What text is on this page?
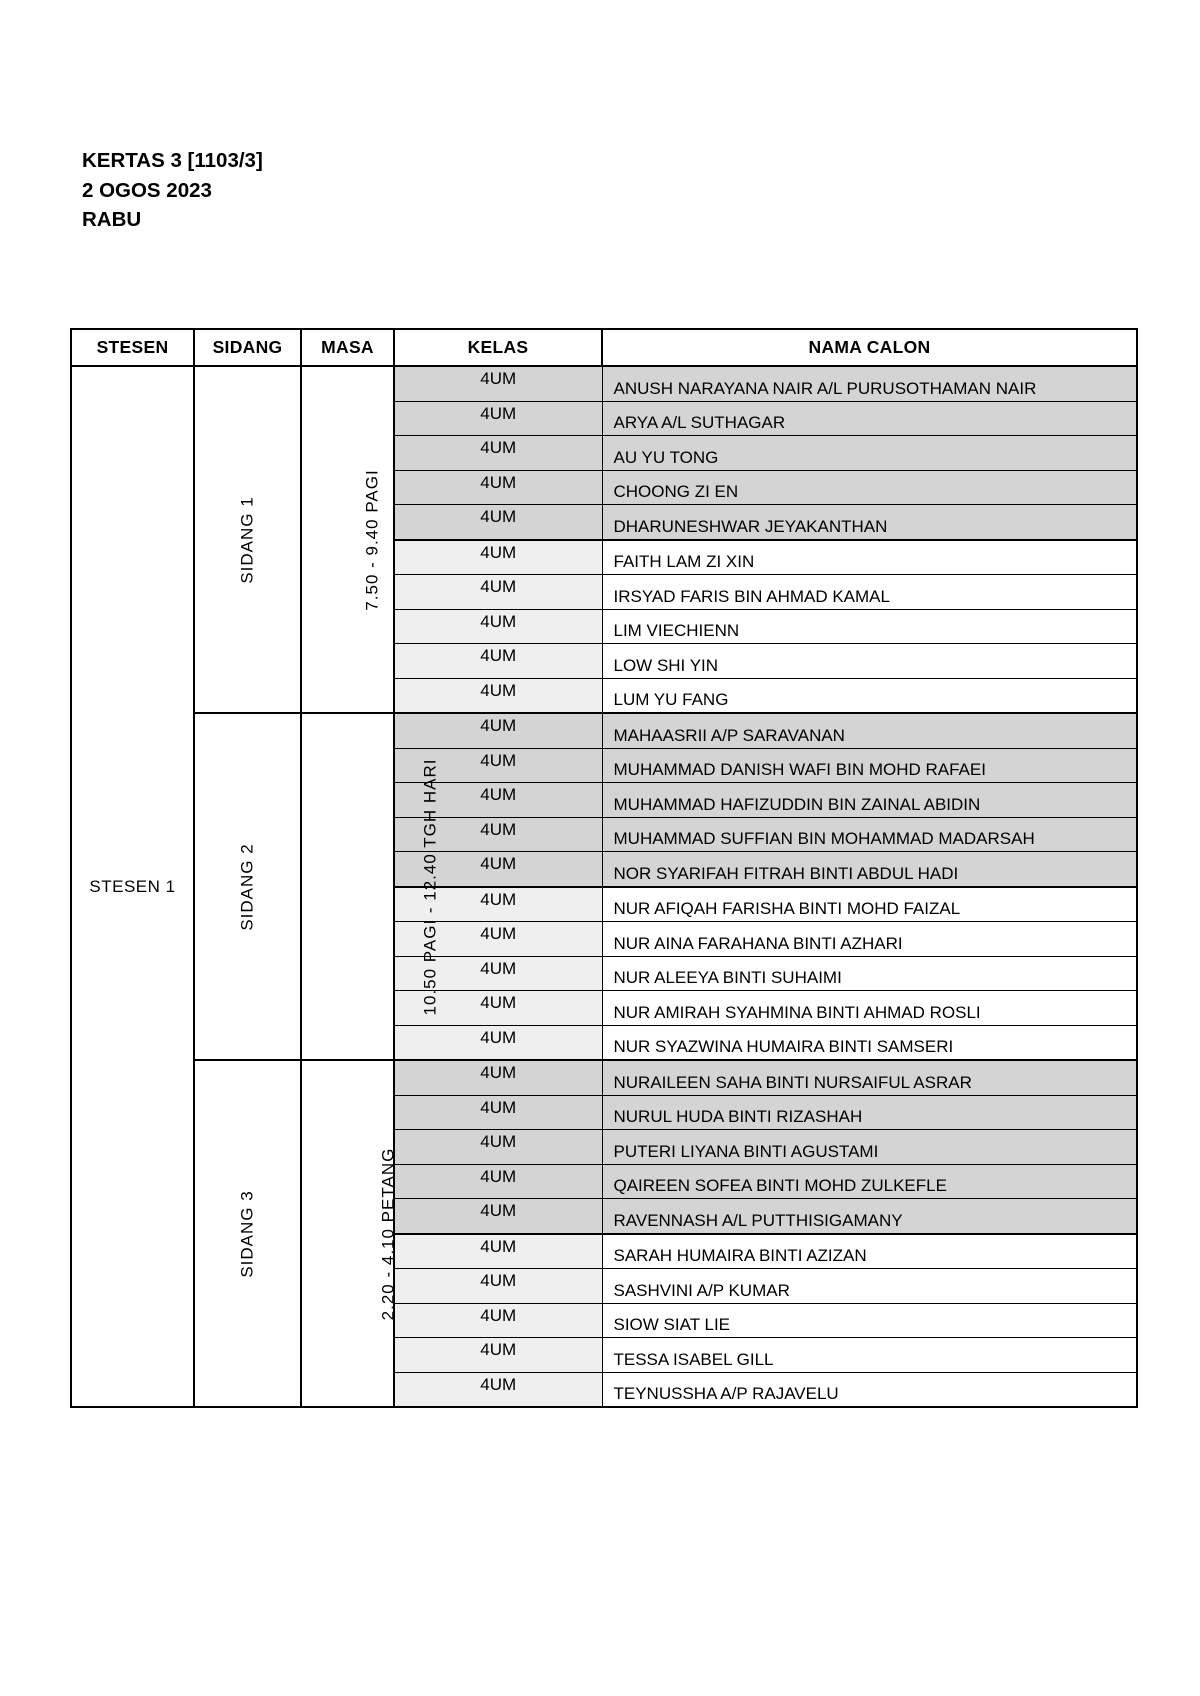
KERTAS 3 [1103/3]
2 OGOS 2023
RABU
STESEN	SIDANG	MASA	KELAS	NAMA CALON
STESEN 1	SIDANG 1	7.50 - 9.40 PAGI	4UM	ANUSH NARAYANA NAIR A/L PURUSOTHAMAN NAIR
			4UM	ARYA A/L SUTHAGAR
			4UM	AU YU TONG
			4UM	CHOONG ZI EN
			4UM	DHARUNESHWAR JEYAKANTHAN
			4UM	FAITH LAM ZI XIN
			4UM	IRSYAD FARIS BIN AHMAD KAMAL
			4UM	LIM VIECHIENN
			4UM	LOW SHI YIN
			4UM	LUM YU FANG
	SIDANG 2	10.50 PAGI - 12.40 TGH HARI	4UM	MAHAASRII A/P SARAVANAN
			4UM	MUHAMMAD DANISH WAFI BIN MOHD RAFAEI
			4UM	MUHAMMAD HAFIZUDDIN BIN ZAINAL ABIDIN
			4UM	MUHAMMAD SUFFIAN BIN MOHAMMAD MADARSAH
			4UM	NOR SYARIFAH FITRAH BINTI ABDUL HADI
			4UM	NUR AFIQAH FARISHA BINTI MOHD FAIZAL
			4UM	NUR AINA FARAHANA BINTI AZHARI
			4UM	NUR ALEEYA BINTI SUHAIMI
			4UM	NUR AMIRAH SYAHMINA BINTI AHMAD ROSLI
			4UM	NUR SYAZWINA HUMAIRA BINTI SAMSERI
	SIDANG 3	2.20 - 4.10 PETANG	4UM	NURAILEEN SAHA BINTI NURSAIFUL ASRAR
			4UM	NURUL HUDA BINTI RIZASHAH
			4UM	PUTERI LIYANA BINTI AGUSTAMI
			4UM	QAIREEN SOFEA BINTI MOHD ZULKEFLE
			4UM	RAVENNASH A/L PUTTHISIGAMANY
			4UM	SARAH HUMAIRA BINTI AZIZAN
			4UM	SASHVINI A/P KUMAR
			4UM	SIOW SIAT LIE
			4UM	TESSA ISABEL GILL
			4UM	TEYNUSSHA A/P RAJAVELU
